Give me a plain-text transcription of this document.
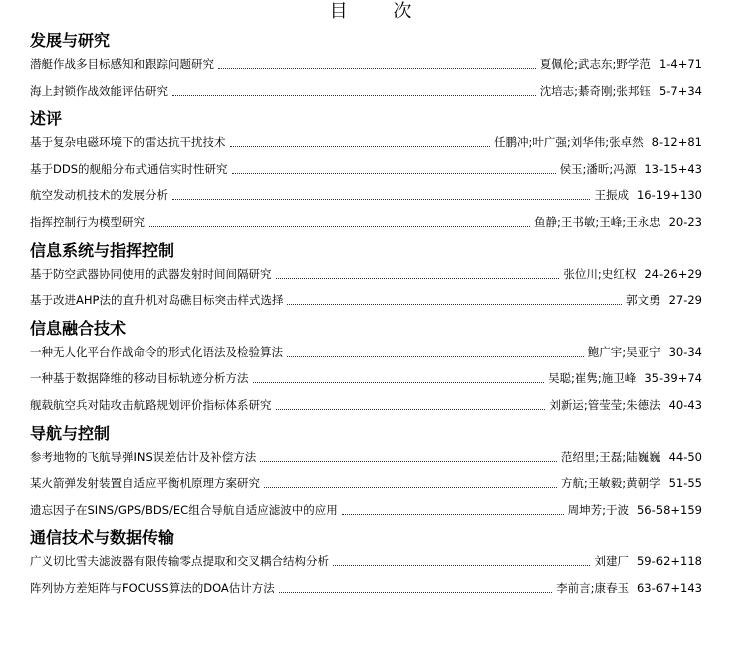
目 次
发展与研究
潜艇作战多目标感知和跟踪问题研究	夏佩伦;武志东;野学范 1-4+71
海上封锁作战效能评估研究	沈培志;綦奇刚;张邦钰 5-7+34
述评
基于复杂电磁环境下的雷达抗干扰技术	任鹏冲;叶广强;刘华伟;张卓然 8-12+81
基于DDS的舰船分布式通信实时性研究	侯玉;潘昕;冯源 13-15+43
航空发动机技术的发展分析	王振成 16-19+130
指挥控制行为模型研究	鱼静;王书敏;王峰;王永忠 20-23
信息系统与指挥控制
基于防空武器协同使用的武器发射时间间隔研究	张位川;史红权 24-26+29
基于改进AHP法的直升机对岛礁目标突击样式选择	郭文勇 27-29
信息融合技术
一种无人化平台作战命令的形式化语法及检验算法	鲍广宇;吴亚宁 30-34
一种基于数据降维的移动目标轨迹分析方法	吴聪;崔隽;施卫峰 35-39+74
舰载航空兵对陆攻击航路规划评价指标体系研究	刘新运;管莹莹;朱德法 40-43
导航与控制
参考地物的飞航导弹INS误差估计及补偿方法	范绍里;王磊;陆巍巍 44-50
某火箭弹发射装置自适应平衡机原理方案研究	方航;王敏毅;黄朝学 51-55
遗忘因子在SINS/GPS/BDS/EC组合导航自适应滤波中的应用	周坤芳;于波 56-58+159
通信技术与数据传输
广义切比雪夫滤波器有限传输零点提取和交叉耦合结构分析	刘建厂 59-62+118
阵列协方差矩阵与FOCUSS算法的DOA估计方法	李前言;康春玉 63-67+143
